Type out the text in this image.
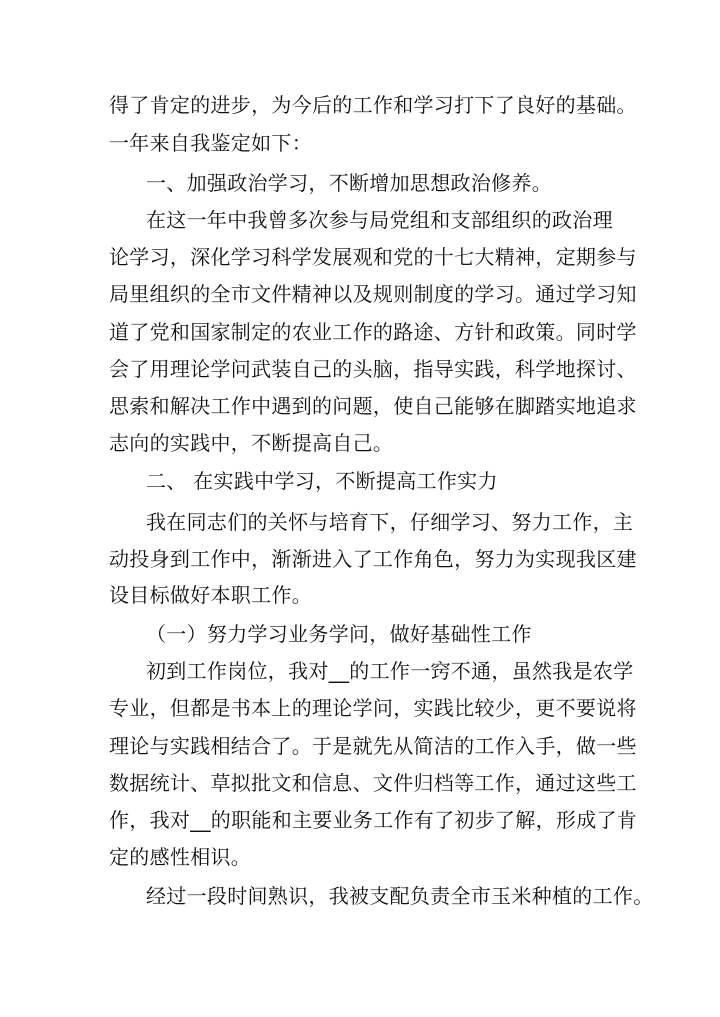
得了肯定的进步，为今后的工作和学习打下了良好的基础。
一年来自我鉴定如下：
一、加强政治学习，不断增加思想政治修养。
在这一年中我曾多次参与局党组和支部组织的政治理
论学习，深化学习科学发展观和党的十七大精神，定期参与
局里组织的全市文件精神以及规则制度的学习。通过学习知
道了党和国家制定的农业工作的路途、方针和政策。同时学
会了用理论学问武装自己的头脑，指导实践，科学地探讨、
思索和解决工作中遇到的问题，使自己能够在脚踏实地追求
志向的实践中，不断提高自己。
二、 在实践中学习，不断提高工作实力
我在同志们的关怀与培育下，仔细学习、努力工作，主
动投身到工作中，渐渐进入了工作角色，努力为实现我区建
设目标做好本职工作。
（一）努力学习业务学问，做好基础性工作
初到工作岗位，我对__的工作一窍不通，虽然我是农学
专业，但都是书本上的理论学问，实践比较少，更不要说将
理论与实践相结合了。于是就先从简洁的工作入手，做一些
数据统计、草拟批文和信息、文件归档等工作，通过这些工
作，我对__的职能和主要业务工作有了初步了解，形成了肯
定的感性相识。
经过一段时间熟识，我被支配负责全市玉米种植的工作。
